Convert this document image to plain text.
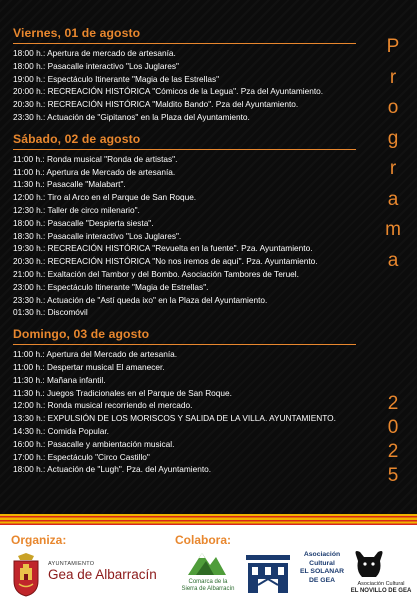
Viernes, 01 de agosto
18:00 h.: Apertura de mercado de artesanía.
18:00 h.: Pasacalle interactivo "Los Juglares"
19:00 h.: Espectáculo Itinerante "Magia de las Estrellas"
20:00 h.: RECREACIÓN HISTÓRICA "Cómicos de la Legua". Pza del Ayuntamiento.
20:30 h.: RECREACIÓN HISTÓRICA "Maldito Bando". Pza del Ayuntamiento.
23:30 h.: Actuación de "Gipitanos" en la Plaza del Ayuntamiento.
Sábado, 02 de agosto
11:00 h.: Ronda musical "Ronda de artistas".
11:00 h.: Apertura de Mercado de artesanía.
11:30 h.: Pasacalle "Malabart".
12:00 h.: Tiro al Arco en el Parque de San Roque.
12:30 h.: Taller de circo milenario".
18:00 h.: Pasacalle "Despierta siesta".
18:30 h.: Pasacalle interactivo "Los Juglares".
19:30 h.: RECREACIÓN HISTÓRICA "Revuelta en la fuente". Pza. Ayuntamiento.
20:30 h.: RECREACIÓN HISTÓRICA "No nos iremos de aquí". Pza. Ayuntamiento.
21:00 h.: Exaltación del Tambor y del Bombo. Asociación Tambores de Teruel.
23:00 h.: Espectáculo Itinerante "Magia de Estrellas".
23:30 h.: Actuación de "Astí queda ixo" en la Plaza del Ayuntamiento.
01:30 h.: Discomóvil
Domingo, 03 de agosto
11:00 h.: Apertura del Mercado de artesanía.
11:00 h.: Despertar musical El amanecer.
11:30 h.: Mañana infantil.
11:30 h.: Juegos Tradicionales en el Parque de San Roque.
12:00 h.: Ronda musical recorriendo el mercado.
13:30 h.: EXPULSIÓN DE LOS MORISCOS Y SALIDA DE LA VILLA. AYUNTAMIENTO.
14:30 h.: Comida Popular.
16:00 h.: Pasacalle y ambientación musical.
17:00 h.: Espectáculo "Circo Castillo"
18:00 h.: Actuación de "Lugh". Pza. del Ayuntamiento.
P
r
o
g
r
a
m
a
2
0
2
5
Organiza:	Colabora:
AYUNTAMIENTO
Gea de Albarracín	Comarca de la
Sierra de Albarracín
Asociación
Cultural
EL SOLANAR
DE GEA
Asociación Cultural
EL NOVILLO DE GEA
